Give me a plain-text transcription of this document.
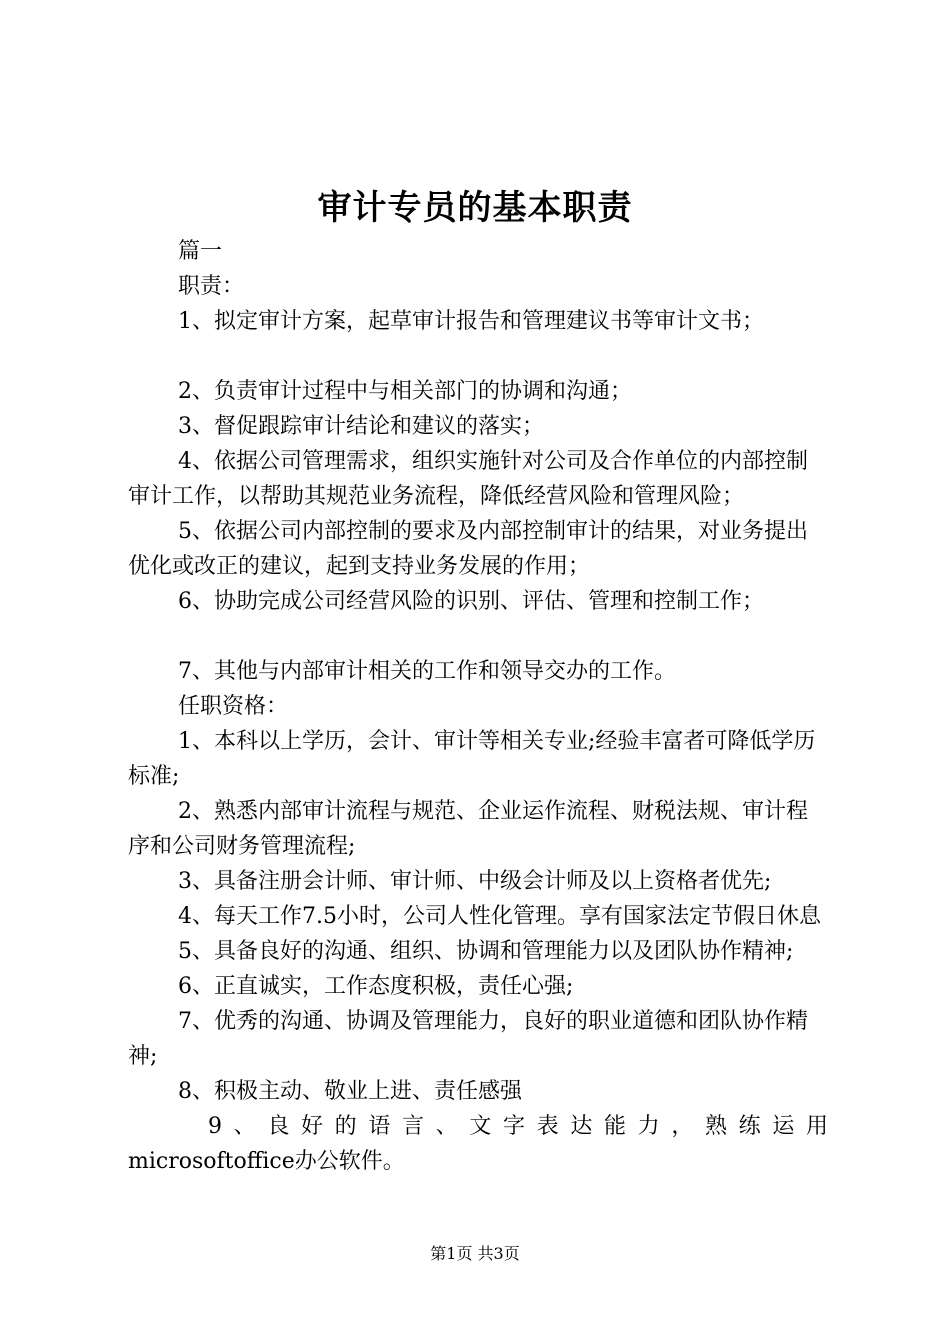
审计专员的基本职责

篇一

职责：

1、拟定审计方案，起草审计报告和管理建议书等审计文书；

2、负责审计过程中与相关部门的协调和沟通；

3、督促跟踪审计结论和建议的落实；

4、依据公司管理需求，组织实施针对公司及合作单位的内部控制审计工作，以帮助其规范业务流程，降低经营风险和管理风险；

5、依据公司内部控制的要求及内部控制审计的结果，对业务提出优化或改正的建议，起到支持业务发展的作用；

6、协助完成公司经营风险的识别、评估、管理和控制工作；

7、其他与内部审计相关的工作和领导交办的工作。

任职资格：

1、本科以上学历，会计、审计等相关专业;经验丰富者可降低学历标准;

2、熟悉内部审计流程与规范、企业运作流程、财税法规、审计程序和公司财务管理流程;

3、具备注册会计师、审计师、中级会计师及以上资格者优先;

4、每天工作7.5小时，公司人性化管理。享有国家法定节假日休息

5、具备良好的沟通、组织、协调和管理能力以及团队协作精神;

6、正直诚实，工作态度积极，责任心强;

7、优秀的沟通、协调及管理能力，良好的职业道德和团队协作精神;

8、积极主动、敬业上进、责任感强

9、良好的语言、文字表达能力，熟练运用

microsoftoffice办公软件。

第1页 共3页
